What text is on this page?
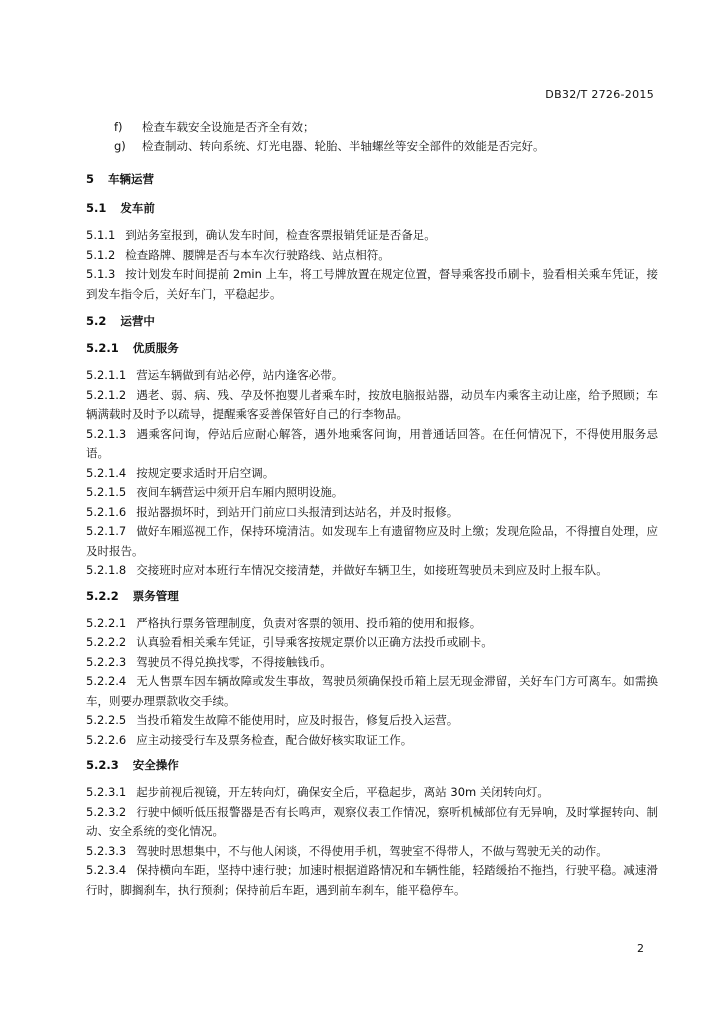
DB32/T 2726-2015
f) 检查车载安全设施是否齐全有效；
g) 检查制动、转向系统、灯光电器、轮胎、半轴螺丝等安全部件的效能是否完好。
5 车辆运营
5.1 发车前
5.1.1 到站务室报到，确认发车时间，检查客票报销凭证是否备足。
5.1.2 检查路牌、腰牌是否与本车次行驶路线、站点相符。
5.1.3 按计划发车时间提前 2min 上车，将工号牌放置在规定位置，督导乘客投币刷卡，验看相关乘车凭证，接到发车指令后，关好车门，平稳起步。
5.2 运营中
5.2.1 优质服务
5.2.1.1 营运车辆做到有站必停，站内逢客必带。
5.2.1.2 遇老、弱、病、残、孕及怀抱婴儿者乘车时，按放电脑报站器，动员车内乘客主动让座，给予照顾；车辆满载时及时予以疏导，提醒乘客妥善保管好自己的行李物品。
5.2.1.3 遇乘客问询，停站后应耐心解答，遇外地乘客问询，用普通话回答。在任何情况下，不得使用服务忌语。
5.2.1.4 按规定要求适时开启空调。
5.2.1.5 夜间车辆营运中须开启车厢内照明设施。
5.2.1.6 报站器损坏时，到站开门前应口头报清到达站名，并及时报修。
5.2.1.7 做好车厢巡视工作，保持环境清洁。如发现车上有遗留物应及时上缴；发现危险品，不得擅自处理，应及时报告。
5.2.1.8 交接班时应对本班行车情况交接清楚，并做好车辆卫生，如接班驾驶员未到应及时上报车队。
5.2.2 票务管理
5.2.2.1 严格执行票务管理制度，负责对客票的领用、投币箱的使用和报修。
5.2.2.2 认真验看相关乘车凭证，引导乘客按规定票价以正确方法投币或刷卡。
5.2.2.3 驾驶员不得兑换找零，不得接触钱币。
5.2.2.4 无人售票车因车辆故障或发生事故，驾驶员须确保投币箱上层无现金滞留，关好车门方可离车。如需换车，则要办理票款收交手续。
5.2.2.5 当投币箱发生故障不能使用时，应及时报告，修复后投入运营。
5.2.2.6 应主动接受行车及票务检查，配合做好核实取证工作。
5.2.3 安全操作
5.2.3.1 起步前视后视镜，开左转向灯，确保安全后，平稳起步，离站 30m 关闭转向灯。
5.2.3.2 行驶中倾听低压报警器是否有长鸣声，观察仪表工作情况，察听机械部位有无异响，及时掌握转向、制动、安全系统的变化情况。
5.2.3.3 驾驶时思想集中，不与他人闲谈，不得使用手机，驾驶室不得带人，不做与驾驶无关的动作。
5.2.3.4 保持横向车距，坚持中速行驶；加速时根据道路情况和车辆性能，轻踏缓抬不拖挡，行驶平稳。减速滑行时，脚搁刹车，执行预刹；保持前后车距，遇到前车刹车，能平稳停车。
2
